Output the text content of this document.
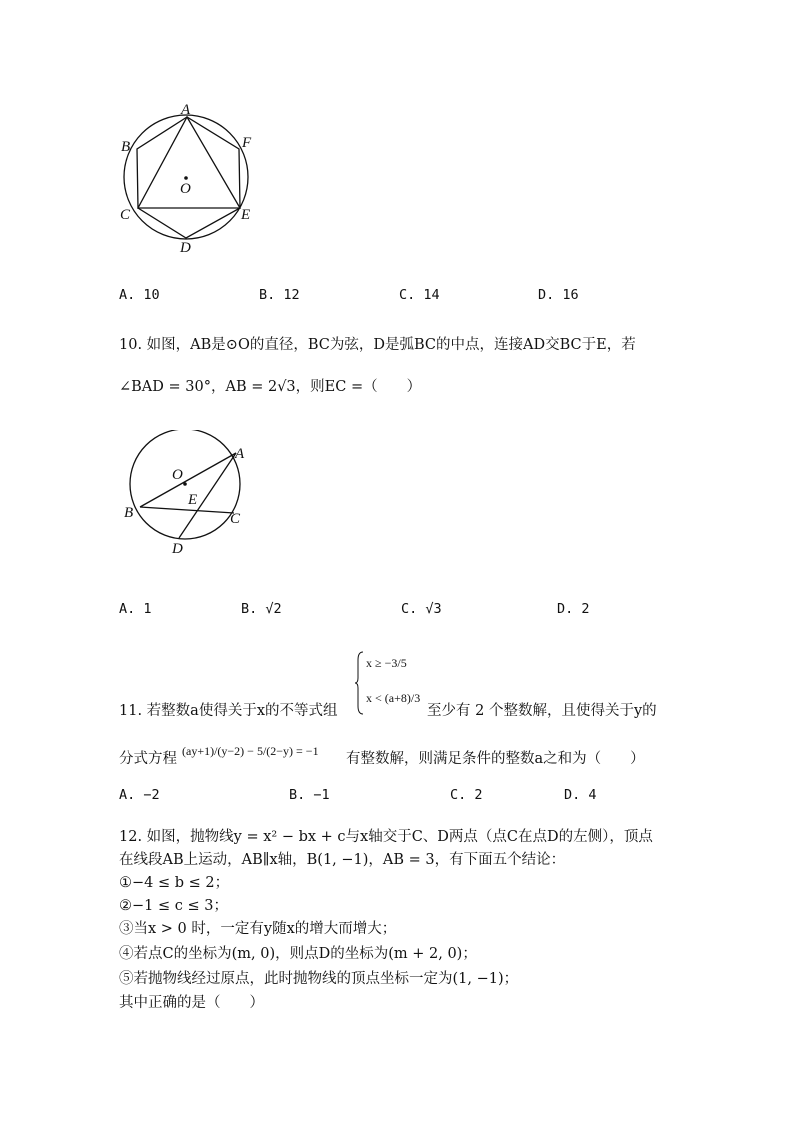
A
B	F
O
C	E
D
A. 10	B. 12	C. 14	D. 16
10. 如图，AB是⊙O的直径，BC为弦，D是弧BC的中点，连接AD交BC于E，若
∠BAD = 30°，AB = 2√3，则EC =（　　）
O
A
E
B	C
D
A. 1	B. √2	C. √3	D. 2
x ≥ −3/5
x < (a+8)/3
11. 若整数a使得关于x的不等式组	至少有 2 个整数解，且使得关于y的
分式方程 (ay+1)/(y−2) − 5/(2−y) = −1 有整数解，则满足条件的整数a之和为（　　）
A. −2	B. −1	C. 2	D. 4
12. 如图，抛物线y = x² − bx + c与x轴交于C、D两点（点C在点D的左侧），顶点
在线段AB上运动，AB∥x轴，B(1, −1)，AB = 3，有下面五个结论：
①−4 ≤ b ≤ 2；
②−1 ≤ c ≤ 3；
③当x > 0 时，一定有y随x的增大而增大；
④若点C的坐标为(m, 0)，则点D的坐标为(m + 2, 0)；
⑤若抛物线经过原点，此时抛物线的顶点坐标一定为(1, −1)；
其中正确的是（　　）
